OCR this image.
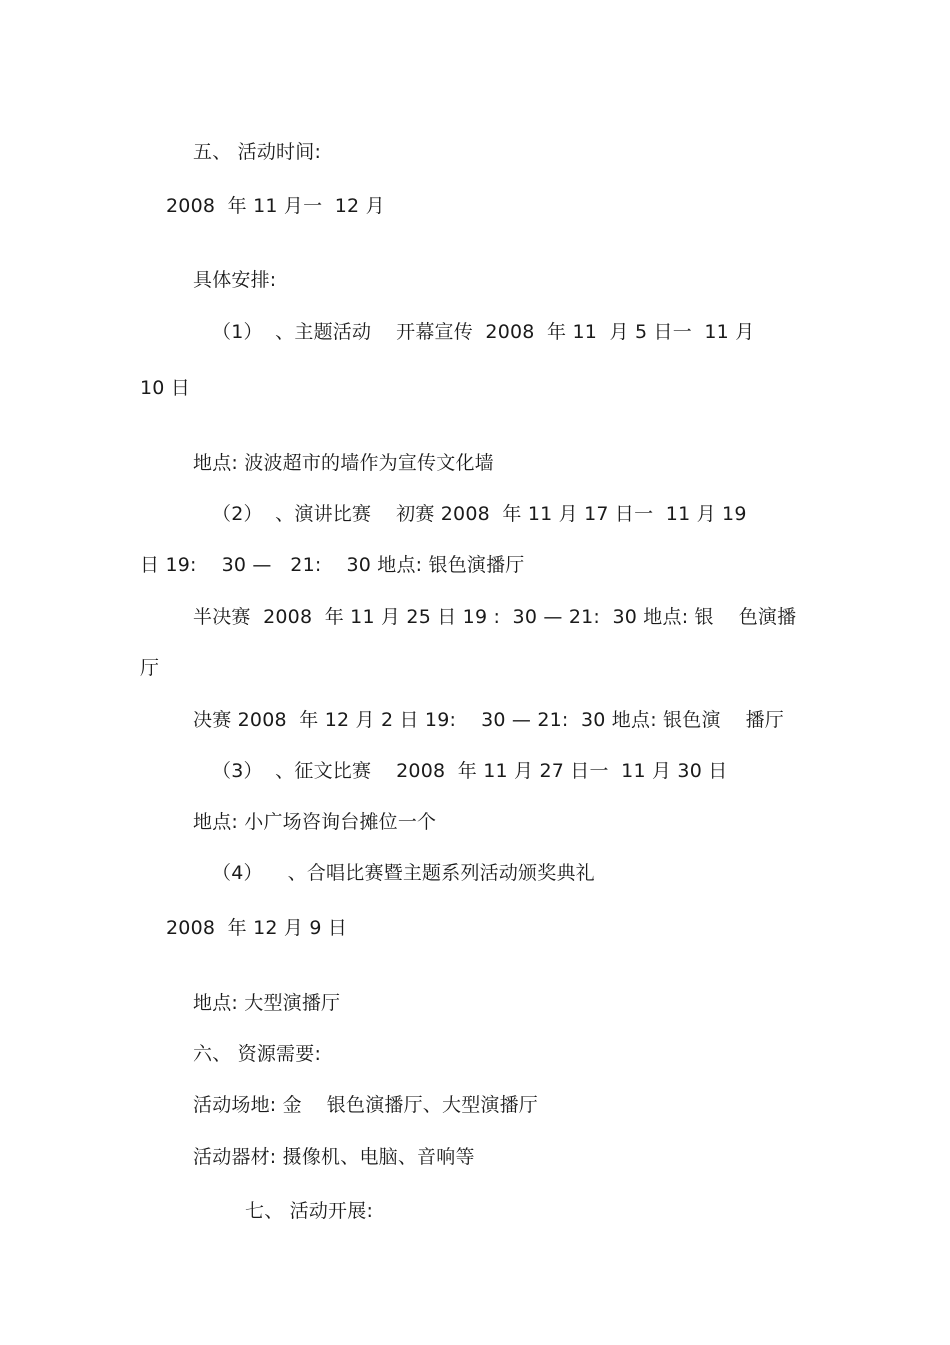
五、 活动时间:
2008  年 11 月一  12 月
具体安排:
（1）  、主题活动    开幕宣传  2008  年 11  月 5 日一  11 月
10 日
地点: 波波超市的墙作为宣传文化墙
（2）  、演讲比赛    初赛 2008  年 11 月 17 日一  11 月 19
日 19:    30 —   21:    30 地点: 银色演播厅
半决赛  2008  年 11 月 25 日 19 :  30 — 21:  30 地点: 银    色演播
厅
决赛 2008  年 12 月 2 日 19:    30 — 21:  30 地点: 银色演    播厅
（3）  、征文比赛    2008  年 11 月 27 日一  11 月 30 日
地点: 小广场咨询台摊位一个
（4）    、合唱比赛暨主题系列活动颁奖典礼
2008  年 12 月 9 日
地点: 大型演播厅
六、 资源需要:
活动场地: 金    银色演播厅、大型演播厅
活动器材: 摄像机、电脑、音响等
七、 活动开展:
